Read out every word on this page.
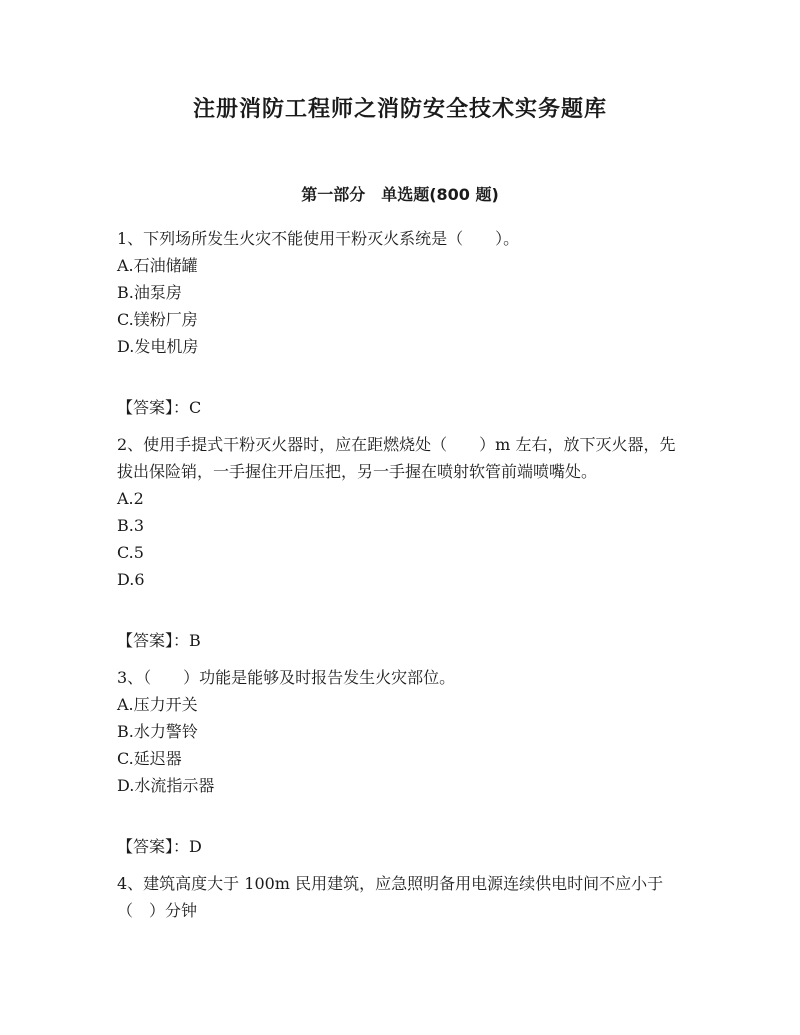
注册消防工程师之消防安全技术实务题库
第一部分　单选题(800 题)

1、下列场所发生火灾不能使用干粉灭火系统是（　　）。

A.石油储罐

B.油泵房

C.镁粉厂房

D.发电机房

【答案】：C

2、使用手提式干粉灭火器时，应在距燃烧处（　　）m 左右，放下灭火器，先拔出保险销，一手握住开启压把，另一手握在喷射软管前端喷嘴处。

A.2

B.3

C.5

D.6

【答案】：B

3、（　　）功能是能够及时报告发生火灾部位。

A.压力开关

B.水力警铃

C.延迟器

D.水流指示器

【答案】：D

4、建筑高度大于 100m 民用建筑，应急照明备用电源连续供电时间不应小于（　）分钟
